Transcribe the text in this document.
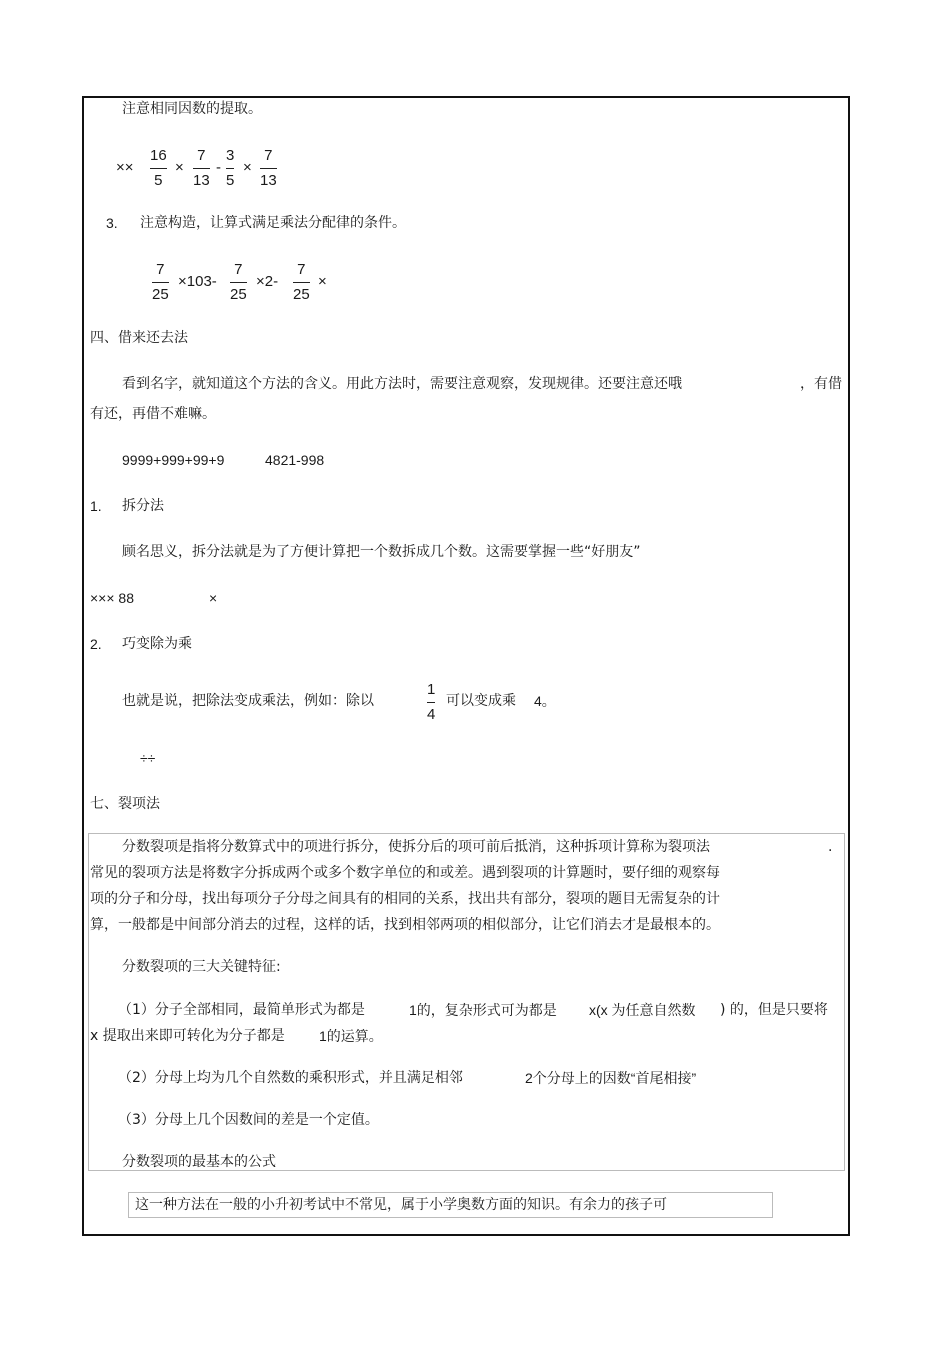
注意相同因数的提取。
××
16
5
×
7
13
-
3
5
×
7
13
3. 注意构造，让算式满足乘法分配律的条件。
7
25
×103-
7
25
×2-
7
25
×
四、借来还去法
看到名字，就知道这个方法的含义。用此方法时，需要注意观察，发现规律。还要注意还哦	，有借
有还，再借不难嘛。
9999+999+99+9	4821-998
1. 拆分法
顾名思义，拆分法就是为了方便计算把一个数拆成几个数。这需要掌握一些“好朋友”
××× 88	×
2. 巧变除为乘
也就是说，把除法变成乘法，例如：除以
1
4
可以变成乘 4。
÷÷
七、裂项法
分数裂项是指将分数算式中的项进行拆分，使拆分后的项可前后抵消，这种拆项计算称为裂项法	.
常见的裂项方法是将数字分拆成两个或多个数字单位的和或差。遇到裂项的计算题时，要仔细的观察每
项的分子和分母，找出每项分子分母之间具有的相同的关系，找出共有部分，裂项的题目无需复杂的计
算，一般都是中间部分消去的过程，这样的话，找到相邻两项的相似部分，让它们消去才是最根本的。
分数裂项的三大关键特征:
（1）分子全部相同，最简单形式为都是	1的，复杂形式可为都是 x(x 为任意自然数 ) 的，但是只要将
x 提取出来即可转化为分子都是 1的运算。
（2）分母上均为几个自然数的乘积形式，并且满足相邻	2个分母上的因数“首尾相接”
（3）分母上几个因数间的差是一个定值。
分数裂项的最基本的公式
这一种方法在一般的小升初考试中不常见，属于小学奥数方面的知识。有余力的孩子可
